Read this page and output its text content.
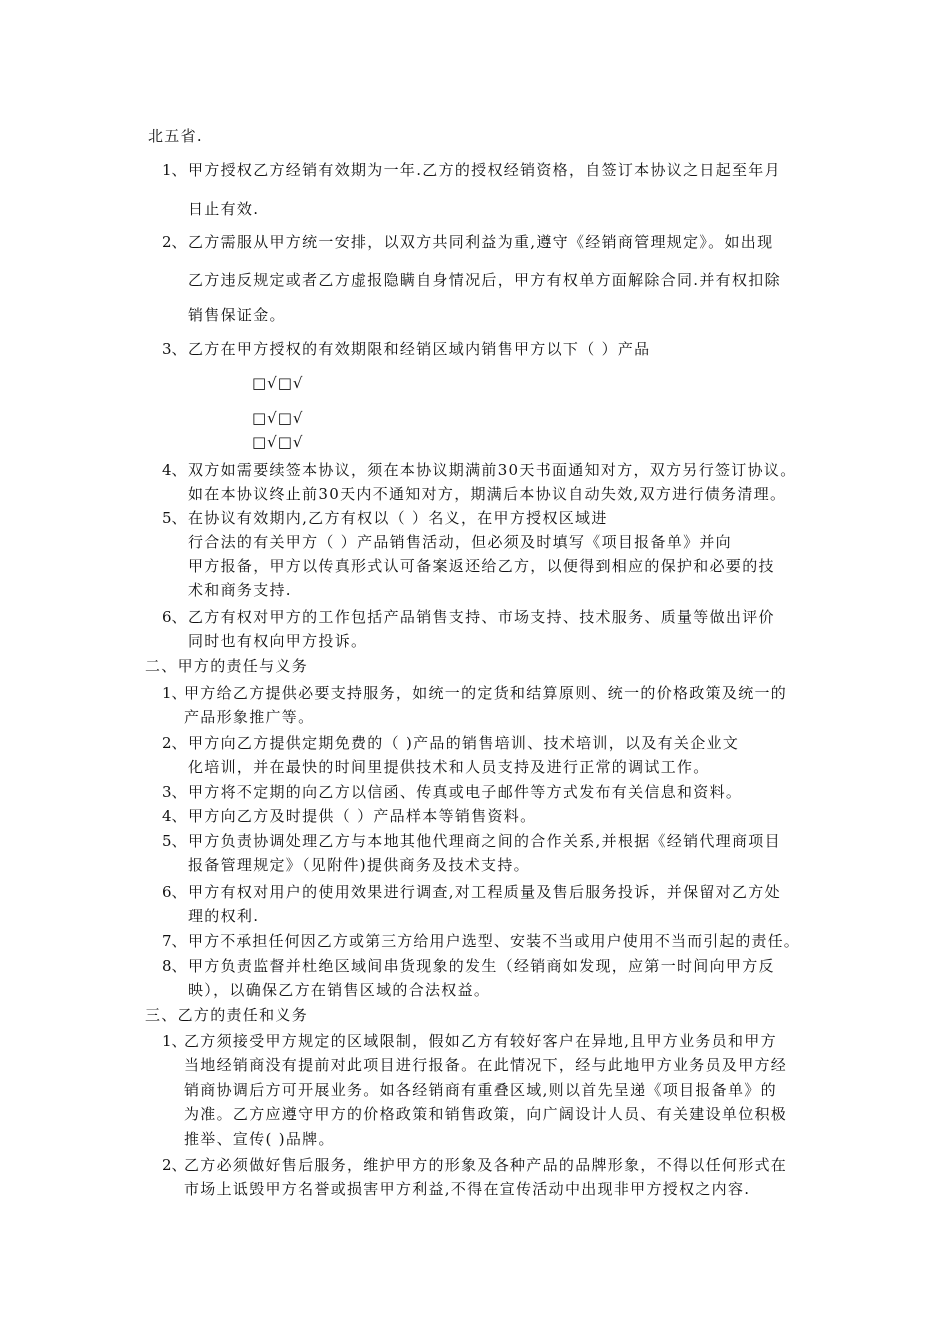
北五省.
1、 甲方授权乙方经销有效期为一年.乙方的授权经销资格，自签订本协议之日起至年月
日止有效.
2、 乙方需服从甲方统一安排，以双方共同利益为重,遵守《经销商管理规定》。如出现
乙方违反规定或者乙方虚报隐瞒自身情况后，甲方有权单方面解除合同.并有权扣除
销售保证金。
3、 乙方在甲方授权的有效期限和经销区域内销售甲方以下（ ）产品
□√□√
□√□√
□√□√
4、 双方如需要续签本协议，须在本协议期满前30天书面通知对方，双方另行签订协议。
如在本协议终止前30天内不通知对方，期满后本协议自动失效,双方进行债务清理。
5、 在协议有效期内,乙方有权以（ ）名义，在甲方授权区域进
行合法的有关甲方（ ）产品销售活动，但必须及时填写《项目报备单》并向
甲方报备，甲方以传真形式认可备案返还给乙方，以便得到相应的保护和必要的技
术和商务支持.
6、 乙方有权对甲方的工作包括产品销售支持、市场支持、技术服务、质量等做出评价
同时也有权向甲方投诉。
二、甲方的责任与义务
1、
甲方给乙方提供必要支持服务，如统一的定货和结算原则、统一的价格政策及统一的
产品形象推广等。
2、 甲方向乙方提供定期免费的（ )产品的销售培训、技术培训，以及有关企业文
化培训，并在最快的时间里提供技术和人员支持及进行正常的调试工作。
3、 甲方将不定期的向乙方以信函、传真或电子邮件等方式发布有关信息和资料。
4、 甲方向乙方及时提供（ ）产品样本等销售资料。
5、 甲方负责协调处理乙方与本地其他代理商之间的合作关系,并根据《经销代理商项目
报备管理规定》（见附件)提供商务及技术支持。
6、 甲方有权对用户的使用效果进行调查,对工程质量及售后服务投诉，并保留对乙方处
理的权利.
7、 甲方不承担任何因乙方或第三方给用户选型、安装不当或用户使用不当而引起的责任。
8、 甲方负责监督并杜绝区域间串货现象的发生（经销商如发现，应第一时间向甲方反
映），以确保乙方在销售区域的合法权益。
三、乙方的责任和义务
1、
乙方须接受甲方规定的区域限制，假如乙方有较好客户在异地,且甲方业务员和甲方
当地经销商没有提前对此项目进行报备。在此情况下，经与此地甲方业务员及甲方经
销商协调后方可开展业务。如各经销商有重叠区域,则以首先呈递《项目报备单》的
为准。乙方应遵守甲方的价格政策和销售政策，向广阔设计人员、有关建设单位积极
推举、宣传( )品牌。
2、
乙方必须做好售后服务，维护甲方的形象及各种产品的品牌形象，不得以任何形式在
市场上诋毁甲方名誉或损害甲方利益,不得在宣传活动中出现非甲方授权之内容.
